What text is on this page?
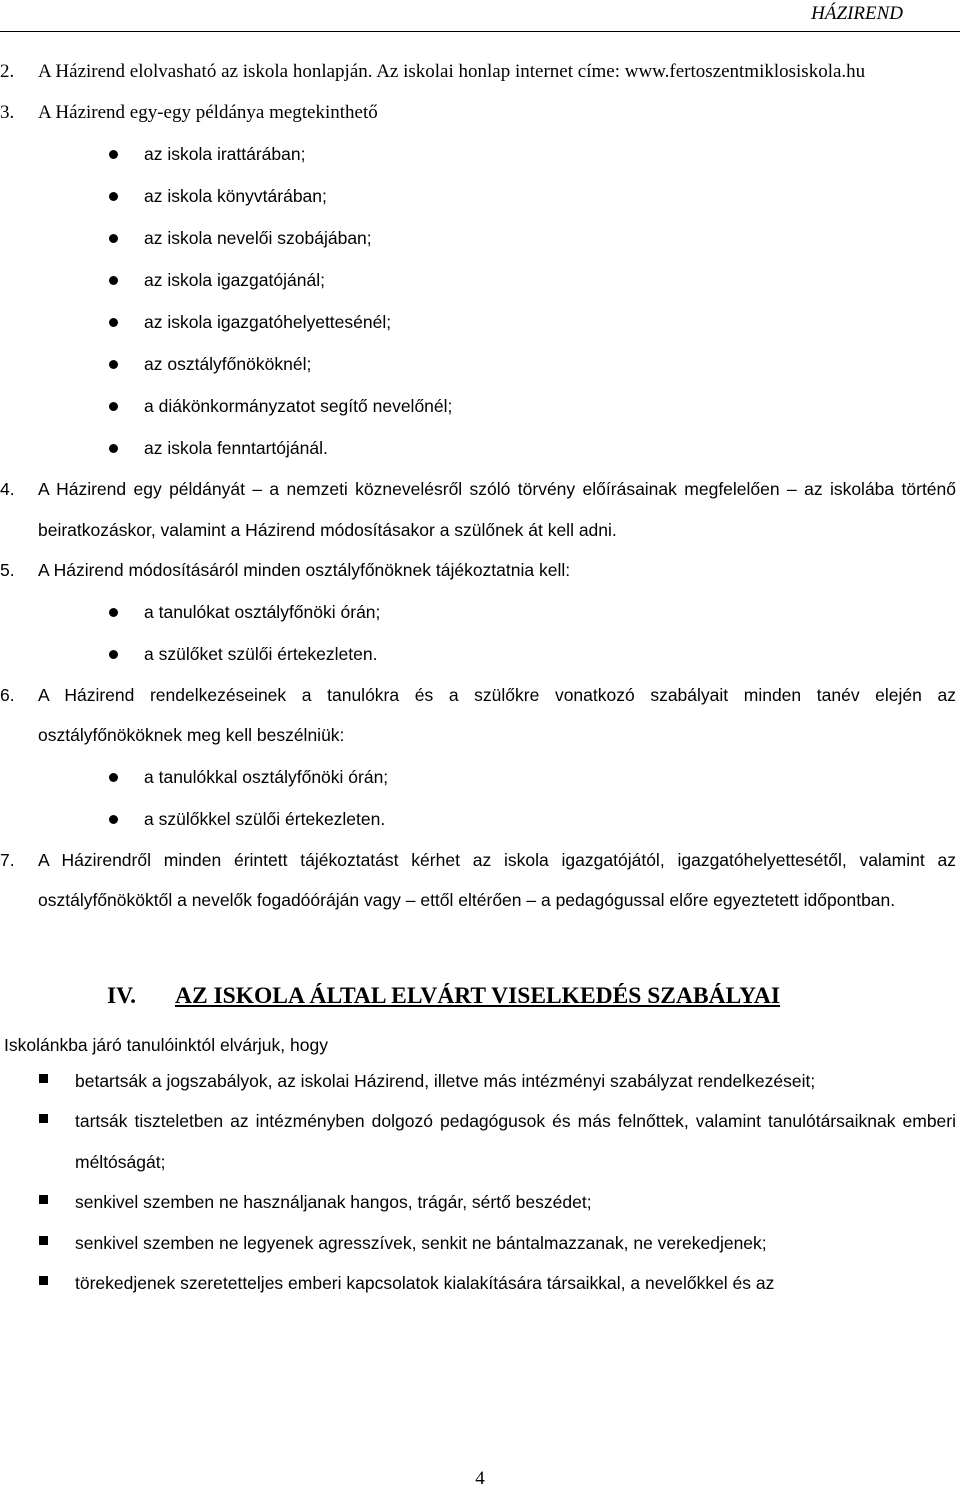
HÁZIREND
2. A Házirend elolvasható az iskola honlapján. Az iskolai honlap internet címe: www.fertoszentmiklosiskola.hu
3. A Házirend egy-egy példánya megtekinthető
az iskola irattárában;
az iskola könyvtárában;
az iskola nevelői szobájában;
az iskola igazgatójánál;
az iskola igazgatóhelyettesénél;
az osztályfőnököknél;
a diákönkormányzatot segítő nevelőnél;
az iskola fenntartójánál.
4. A Házirend egy példányát – a nemzeti köznevelésről szóló törvény előírásainak megfelelően – az iskolába történő beiratkozáskor, valamint a Házirend módosításakor a szülőnek át kell adni.
5. A Házirend módosításáról minden osztályfőnöknek tájékoztatnia kell:
a tanulókat osztályfőnöki órán;
a szülőket szülői értekezleten.
6. A Házirend rendelkezéseinek a tanulókra és a szülőkre vonatkozó szabályait minden tanév elején az osztályfőnököknek meg kell beszélniük:
a tanulókkal osztályfőnöki órán;
a szülőkkel szülői értekezleten.
7. A Házirendről minden érintett tájékoztatást kérhet az iskola igazgatójától, igazgatóhelyettesétől, valamint az osztályfőnököktől a nevelők fogadóóráján vagy – ettől eltérően – a pedagógussal előre egyeztetett időpontban.
IV. AZ ISKOLA ÁLTAL ELVÁRT VISELKEDÉS SZABÁLYAI
Iskolánkba járó tanulóinktól elvárjuk, hogy
betartsák a jogszabályok, az iskolai Házirend, illetve más intézményi szabályzat rendelkezéseit;
tartsák tiszteletben az intézményben dolgozó pedagógusok és más felnőttek, valamint tanulótársaiknak emberi méltóságát;
senkivel szemben ne használjanak hangos, trágár, sértő beszédet;
senkivel szemben ne legyenek agresszívek, senkit ne bántalmazzanak, ne verekedjenek;
törekedjenek szeretetteljes emberi kapcsolatok kialakítására társaikkal, a nevelőkkel és az
4
